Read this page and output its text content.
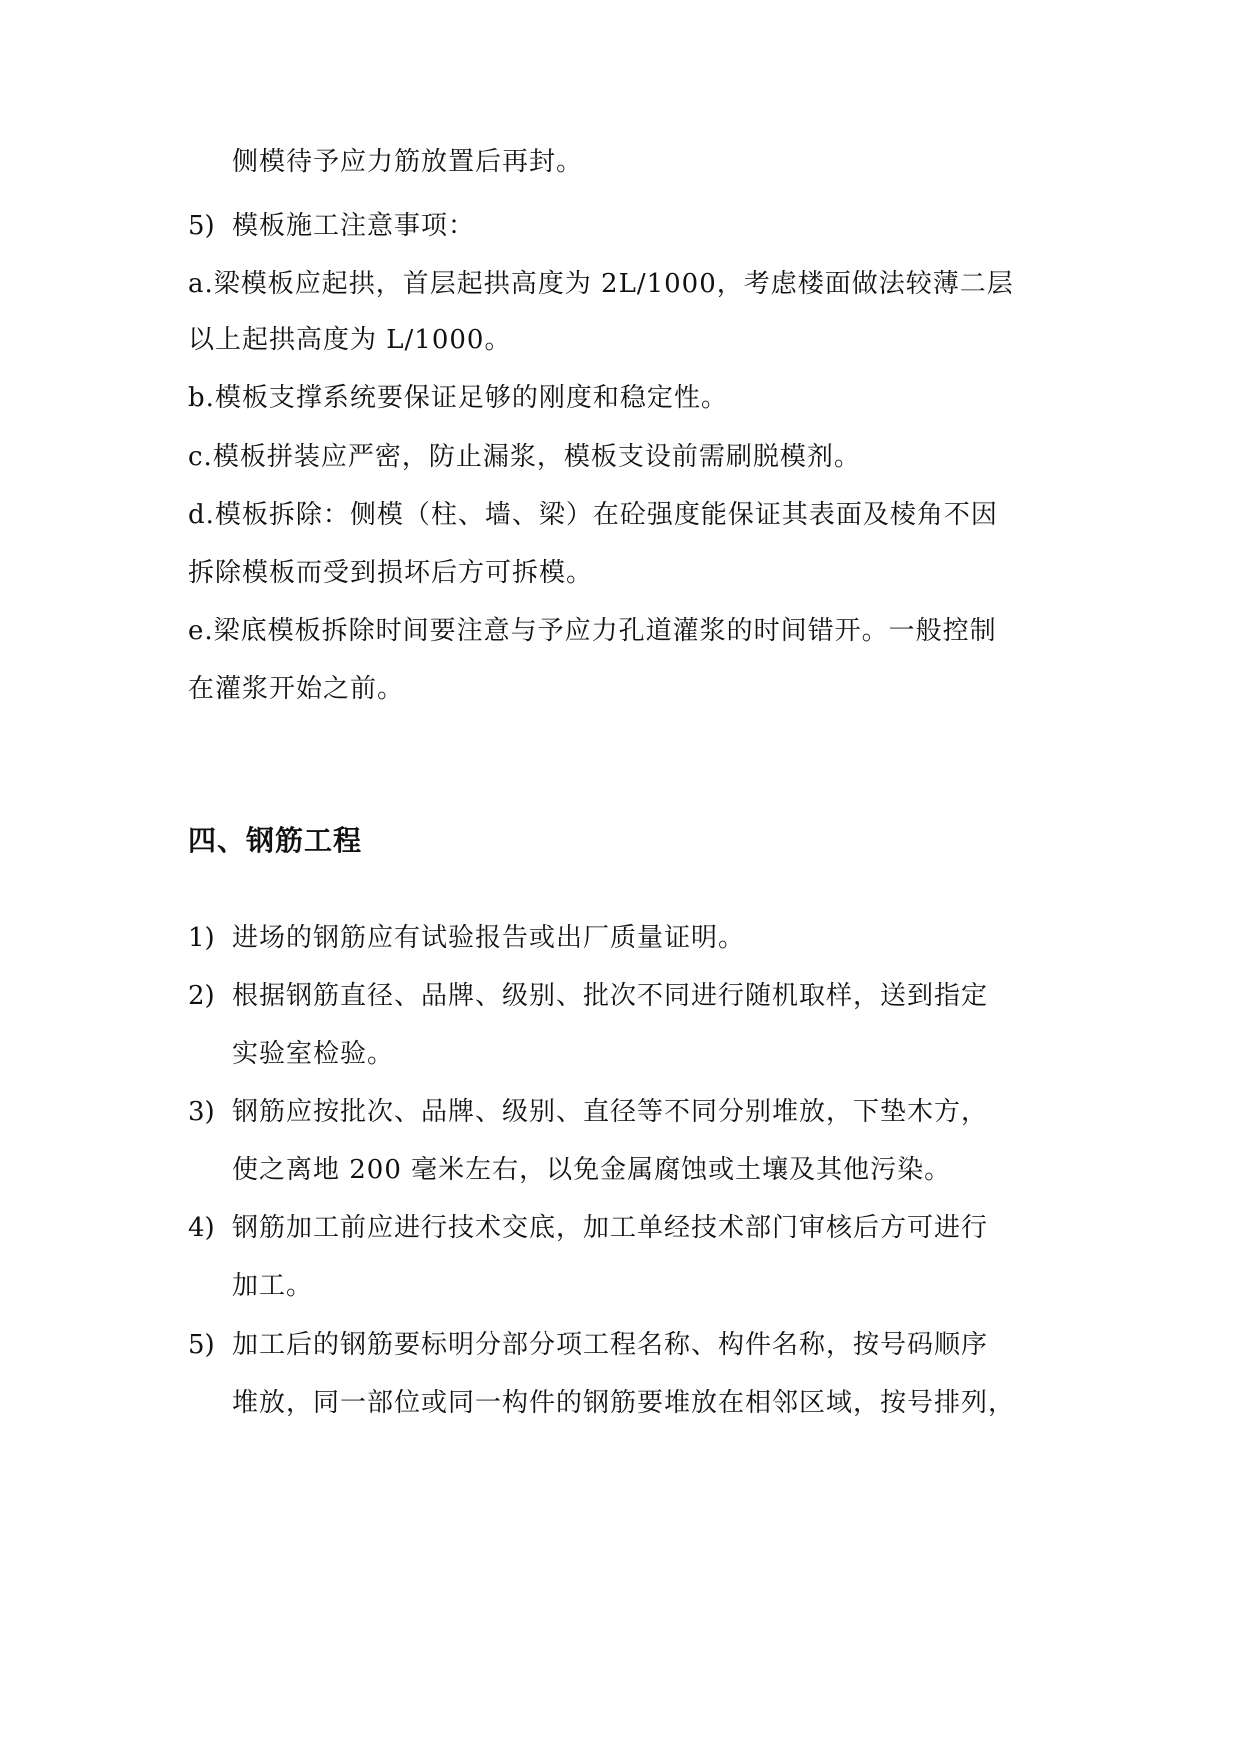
侧模待予应力筋放置后再封。
5) 模板施工注意事项：
a.梁模板应起拱，首层起拱高度为 2L/1000，考虑楼面做法较薄二层
以上起拱高度为 L/1000。
b.模板支撑系统要保证足够的刚度和稳定性。
c.模板拼装应严密，防止漏浆，模板支设前需刷脱模剂。
d.模板拆除：侧模（柱、墙、梁）在砼强度能保证其表面及棱角不因
拆除模板而受到损坏后方可拆模。
e.梁底模板拆除时间要注意与予应力孔道灌浆的时间错开。一般控制
在灌浆开始之前。
四、钢筋工程
1) 进场的钢筋应有试验报告或出厂质量证明。
2) 根据钢筋直径、品牌、级别、批次不同进行随机取样，送到指定
实验室检验。
3) 钢筋应按批次、品牌、级别、直径等不同分别堆放，下垫木方，
使之离地 200 毫米左右，以免金属腐蚀或土壤及其他污染。
4) 钢筋加工前应进行技术交底，加工单经技术部门审核后方可进行
加工。
5) 加工后的钢筋要标明分部分项工程名称、构件名称，按号码顺序
堆放，同一部位或同一构件的钢筋要堆放在相邻区域，按号排列，
